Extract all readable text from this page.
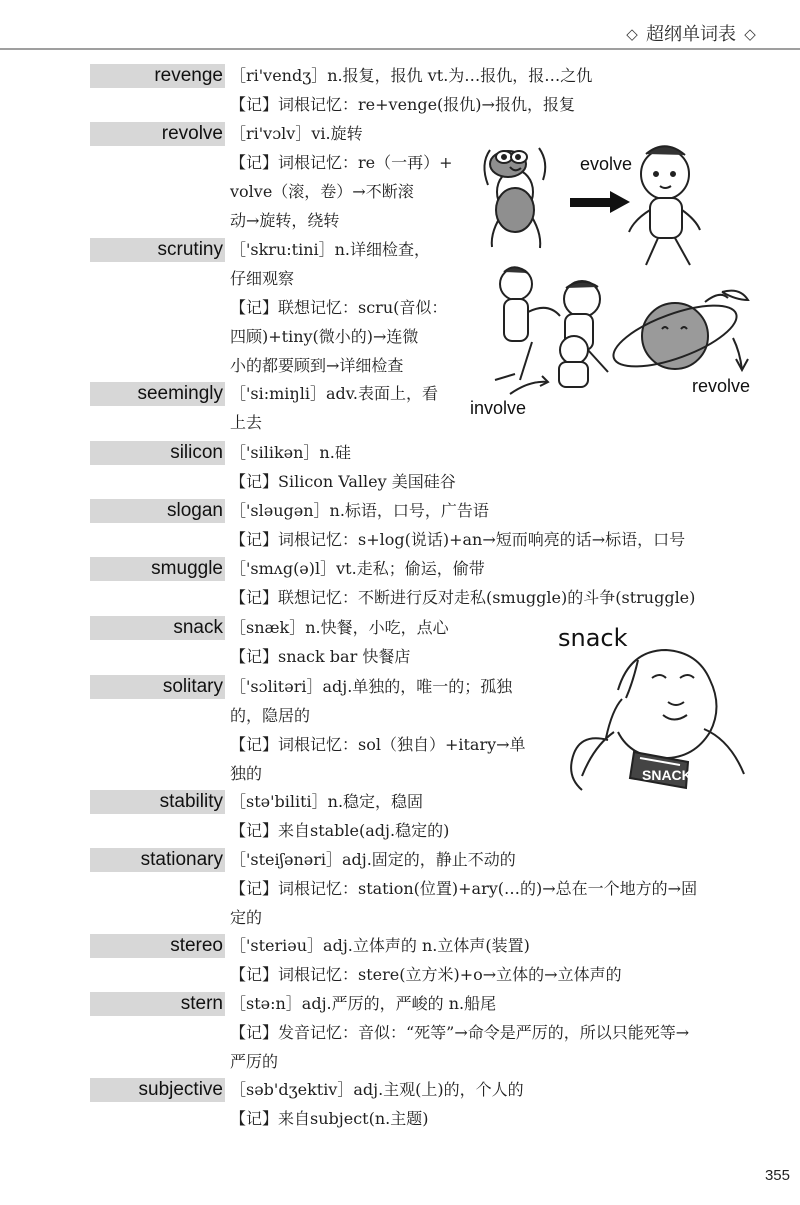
◇ 超纲单词表 ◇
revenge ［ri'vendʒ］n.报复，报仇 vt.为…报仇，报…之仇
【记】词根记忆：re+venge(报仇)→报仇，报复
revolve ［ri'vɔlv］vi.旋转
【记】词根记忆：re（一再）+
volve（滚，卷）→不断滚
动→旋转，绕转
scrutiny ［'skru:tini］n.详细检查，
仔细观察
【记】联想记忆：scru(音似：
四顾)+tiny(微小的)→连微
小的都要顾到→详细检查
seemingly ［'si:miŋli］adv.表面上，看
上去
silicon ［'silikən］n.硅
【记】Silicon Valley 美国硅谷
slogan ［'sləugən］n.标语，口号，广告语
【记】词根记忆：s+log(说话)+an→短而响亮的话→标语，口号
smuggle ［'smʌg(ə)l］vt.走私；偷运，偷带
【记】联想记忆：不断进行反对走私(smuggle)的斗争(struggle)
snack ［snæk］n.快餐，小吃，点心
【记】snack bar 快餐店
solitary ［'sɔlitəri］adj.单独的，唯一的；孤独
的，隐居的
【记】词根记忆：sol（独自）+itary→单
独的
stability ［stə'biliti］n.稳定，稳固
【记】来自stable(adj.稳定的)
stationary ［'steiʃənəri］adj.固定的，静止不动的
【记】词根记忆：station(位置)+ary(…的)→总在一个地方的→固
定的
stereo ［'steriəu］adj.立体声的 n.立体声(装置)
【记】词根记忆：stere(立方米)+o→立体的→立体声的
stern ［stə:n］adj.严厉的，严峻的 n.船尾
【记】发音记忆：音似：“死等”→命令是严厉的，所以只能死等→
严厉的
subjective ［səb'dʒektiv］adj.主观(上)的，个人的
【记】来自subject(n.主题)
evolve
involve
revolve
snack
SNACK
355
